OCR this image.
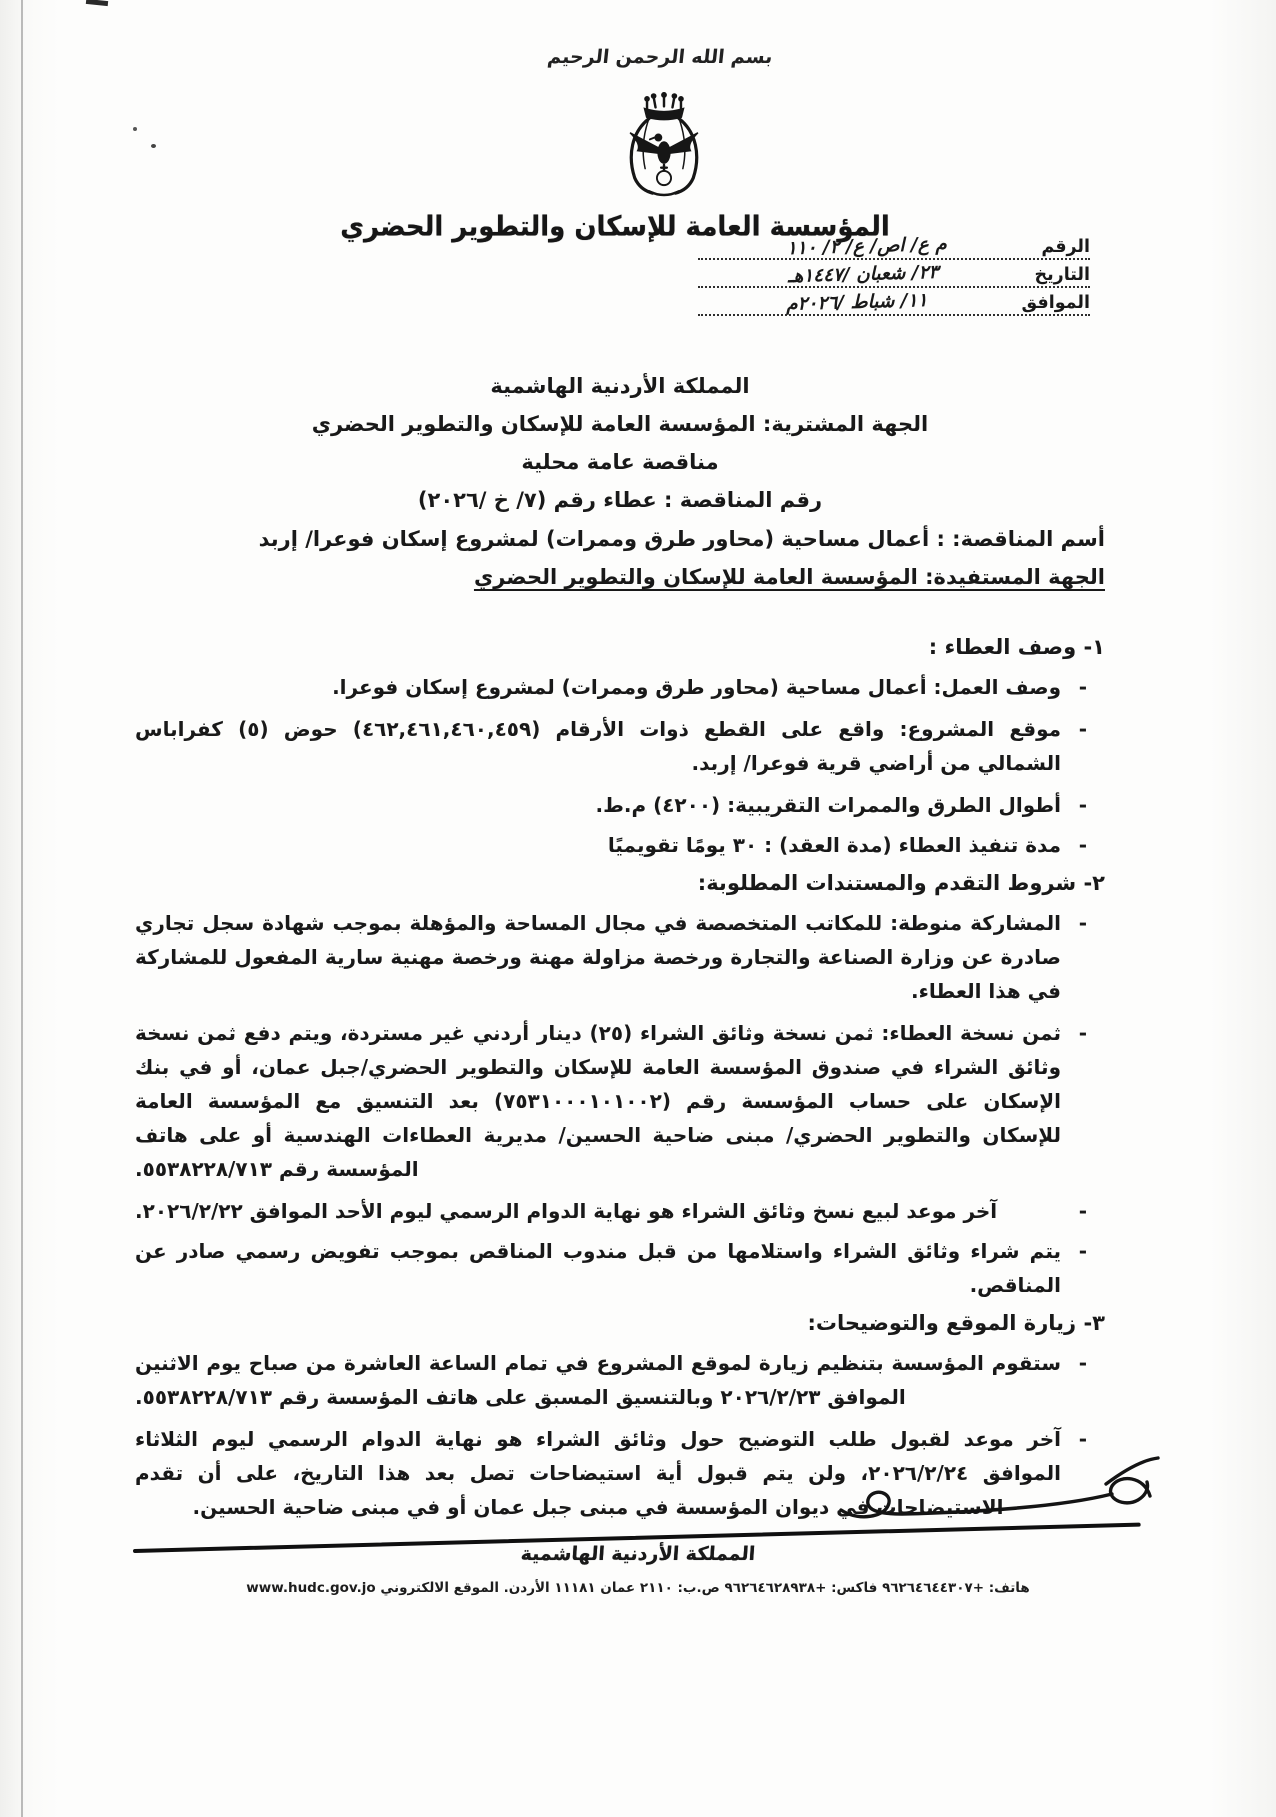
بسم الله الرحمن الرحيم
المؤسسة العامة للإسكان والتطوير الحضري
الرقم
م ع/ اص/ ع/ ٢/ ١١٠
التاريخ
٢٣/ شعبان /١٤٤٧هـ
الموافق
١١/ شباط /٢٠٢٦م
المملكة الأردنية الهاشمية
الجهة المشترية: المؤسسة العامة للإسكان والتطوير الحضري
مناقصة عامة محلية
رقم المناقصة : عطاء رقم (٧/ خ /٢٠٢٦)
أسم المناقصة: : أعمال مساحية (محاور طرق وممرات) لمشروع إسكان فوعرا/ إربد
الجهة المستفيدة: المؤسسة العامة للإسكان والتطوير الحضري
١- وصف العطاء :
-
وصف العمل: أعمال مساحية (محاور طرق وممرات) لمشروع إسكان فوعرا.
-
موقع المشروع: واقع على القطع ذوات الأرقام (٤٦٢,٤٦١,٤٦٠,٤٥٩) حوض (٥) كفراباس الشمالي من أراضي قرية فوعرا/ إربد.
-
أطوال الطرق والممرات التقريبية: (٤٢٠٠) م.ط.
-
مدة تنفيذ العطاء (مدة العقد) : ٣٠ يومًا تقويميًا
٢- شروط التقدم والمستندات المطلوبة:
-
المشاركة منوطة: للمكاتب المتخصصة في مجال المساحة والمؤهلة بموجب شهادة سجل تجاري صادرة عن وزارة الصناعة والتجارة ورخصة مزاولة مهنة ورخصة مهنية سارية المفعول للمشاركة في هذا العطاء.
-
ثمن نسخة العطاء: ثمن نسخة وثائق الشراء (٢٥) دينار أردني غير مستردة، ويتم دفع ثمن نسخة وثائق الشراء في صندوق المؤسسة العامة للإسكان والتطوير الحضري/جبل عمان، أو في بنك الإسكان على حساب المؤسسة رقم (٧٥٣١٠٠٠١٠١٠٠٢) بعد التنسيق مع المؤسسة العامة للإسكان والتطوير الحضري/ مبنى ضاحية الحسين/ مديرية العطاءات الهندسية أو على هاتف المؤسسة رقم ٥٥٣٨٢٢٨/٧١٣.
-
آخر موعد لبيع نسخ وثائق الشراء هو نهاية الدوام الرسمي ليوم الأحد الموافق ٢٠٢٦/٢/٢٢.
-
يتم شراء وثائق الشراء واستلامها من قبل مندوب المناقص بموجب تفويض رسمي صادر عن المناقص.
٣- زيارة الموقع والتوضيحات:
-
ستقوم المؤسسة بتنظيم زيارة لموقع المشروع في تمام الساعة العاشرة من صباح يوم الاثنين الموافق ٢٠٢٦/٢/٢٣ وبالتنسيق المسبق على هاتف المؤسسة رقم ٥٥٣٨٢٢٨/٧١٣.
-
آخر موعد لقبول طلب التوضيح حول وثائق الشراء هو نهاية الدوام الرسمي ليوم الثلاثاء الموافق ٢٠٢٦/٢/٢٤، ولن يتم قبول أية استيضاحات تصل بعد هذا التاريخ، على أن تقدم الاستيضاحات في ديوان المؤسسة في مبنى جبل عمان أو في مبنى ضاحية الحسين.
المملكة الأردنية الهاشمية
هاتف: +٩٦٢٦٤٦٤٤٣٠٧ فاكس: +٩٦٢٦٤٦٢٨٩٣٨ ص.ب: ٢١١٠ عمان ١١١٨١ الأردن. الموقع الالكتروني www.hudc.gov.jo
